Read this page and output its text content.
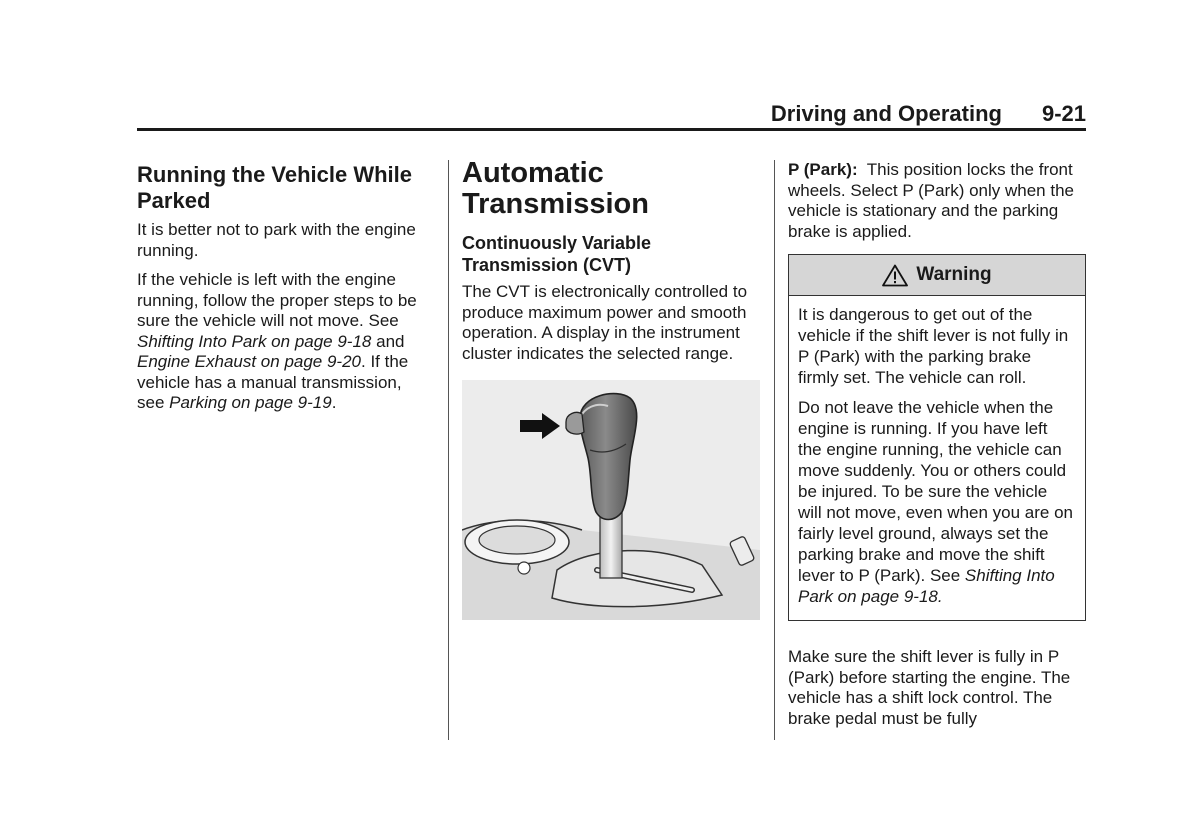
Driving and Operating 9-21
Running the Vehicle While Parked

It is better not to park with the engine running.

If the vehicle is left with the engine running, follow the proper steps to be sure the vehicle will not move. See Shifting Into Park on page 9-18 and Engine Exhaust on page 9-20. If the vehicle has a manual transmission, see Parking on page 9-19.

Automatic Transmission
Continuously Variable Transmission (CVT)

The CVT is electronically controlled to produce maximum power and smooth operation. A display in the instrument cluster indicates the selected range.

P (Park):  This position locks the front wheels. Select P (Park) only when the vehicle is stationary and the parking brake is applied.

Warning

It is dangerous to get out of the vehicle if the shift lever is not fully in P (Park) with the parking brake firmly set. The vehicle can roll.

Do not leave the vehicle when the engine is running. If you have left the engine running, the vehicle can move suddenly. You or others could be injured. To be sure the vehicle will not move, even when you are on fairly level ground, always set the parking brake and move the shift lever to P (Park). See Shifting Into Park on page 9-18.

Make sure the shift lever is fully in P (Park) before starting the engine. The vehicle has a shift lock control. The brake pedal must be fully
